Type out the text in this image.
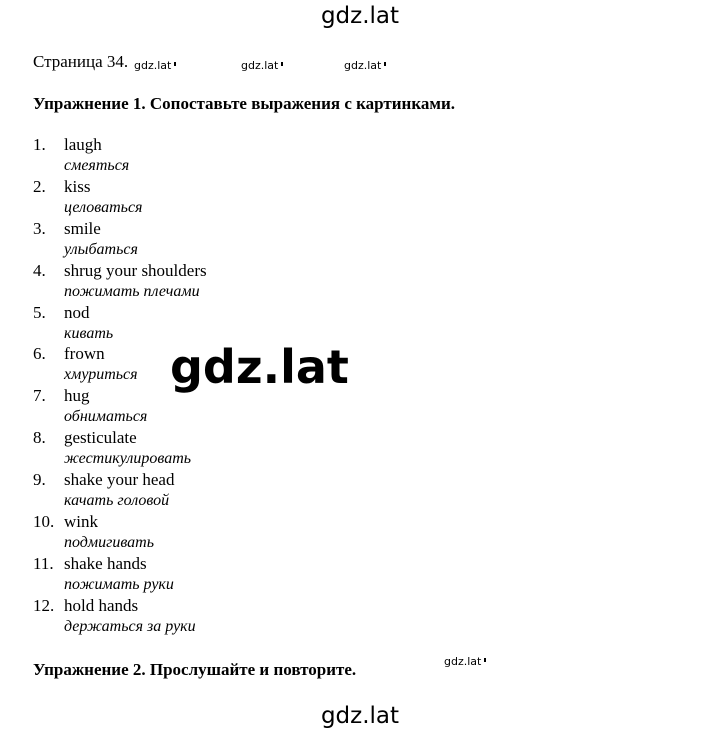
gdz.lat
Страница 34. gdz.lat	gdz.lat	gdz.lat
Упражнение 1. Сопоставьте выражения с картинками.
1. laugh
смеяться
2. kiss
целоваться
3. smile
улыбаться
4. shrug your shoulders
пожимать плечами
5. nod
кивать
6. frown
хмуриться
7. hug
обниматься
8. gesticulate
жестикулировать
9. shake your head
качать головой
10. wink
подмигивать
11. shake hands
пожимать руки
12. hold hands
держаться за руки
gdz.lat
Упражнение 2. Прослушайте и повторите.	gdz.lat
gdz.lat
